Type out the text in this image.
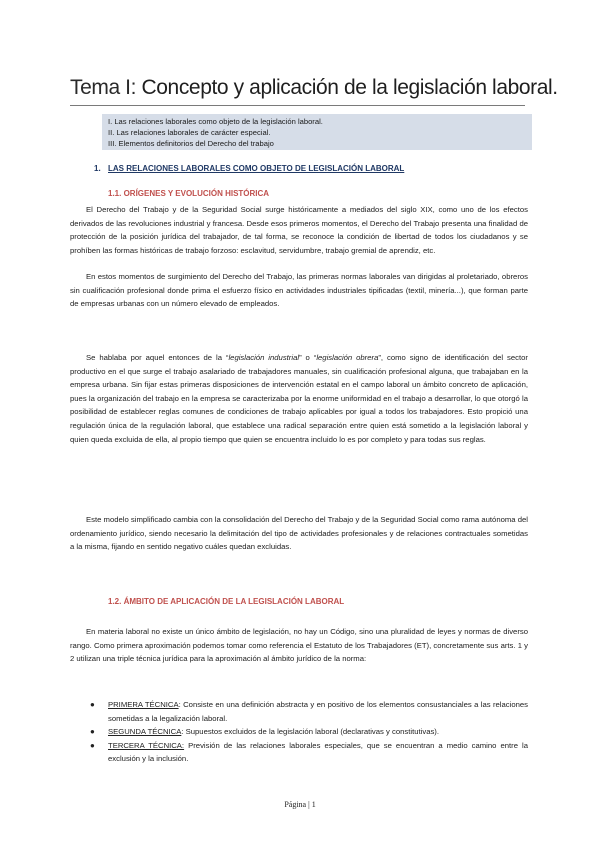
Tema I: Concepto y aplicación de la legislación laboral.
I. Las relaciones laborales como objeto de la legislación laboral.
II. Las relaciones laborales de carácter especial.
III. Elementos definitorios del Derecho del trabajo
1. LAS RELACIONES LABORALES COMO OBJETO DE LEGISLACIÓN LABORAL
1.1. ORÍGENES Y EVOLUCIÓN HISTÓRICA

El Derecho del Trabajo y de la Seguridad Social surge históricamente a mediados del siglo XIX, como uno de los efectos derivados de las revoluciones industrial y francesa. Desde esos primeros momentos, el Derecho del Trabajo presenta una finalidad de protección de la posición jurídica del trabajador, de tal forma, se reconoce la condición de libertad de todos los ciudadanos y se prohíben las formas históricas de trabajo forzoso: esclavitud, servidumbre, trabajo gremial de aprendiz, etc.

En estos momentos de surgimiento del Derecho del Trabajo, las primeras normas laborales van dirigidas al proletariado, obreros sin cualificación profesional donde prima el esfuerzo físico en actividades industriales tipificadas (textil, minería...), que forman parte de empresas urbanas con un número elevado de empleados.

Se hablaba por aquel entonces de la “legislación industrial” o “legislación obrera”, como signo de identificación del sector productivo en el que surge el trabajo asalariado de trabajadores manuales, sin cualificación profesional alguna, que trabajaban en la empresa urbana. Sin fijar estas primeras disposiciones de intervención estatal en el campo laboral un ámbito concreto de aplicación, pues la organización del trabajo en la empresa se caracterizaba por la enorme uniformidad en el trabajo a desarrollar, lo que otorgó la posibilidad de establecer reglas comunes de condiciones de trabajo aplicables por igual a todos los trabajadores. Esto propició una regulación única de la regulación laboral, que establece una radical separación entre quien está sometido a la legislación laboral y quien queda excluida de ella, al propio tiempo que quien se encuentra incluido lo es por completo y para todas sus reglas.

Este modelo simplificado cambia con la consolidación del Derecho del Trabajo y de la Seguridad Social como rama autónoma del ordenamiento jurídico, siendo necesario la delimitación del tipo de actividades profesionales y de relaciones contractuales sometidas a la misma, fijando en sentido negativo cuáles quedan excluidas.

1.2. ÁMBITO DE APLICACIÓN DE LA LEGISLACIÓN LABORAL

En materia laboral no existe un único ámbito de legislación, no hay un Código, sino una pluralidad de leyes y normas de diverso rango. Como primera aproximación podemos tomar como referencia el Estatuto de los Trabajadores (ET), concretamente sus arts. 1 y 2 utilizan una triple técnica jurídica para la aproximación al ámbito jurídico de la norma:

● PRIMERA TÉCNICA: Consiste en una definición abstracta y en positivo de los elementos consustanciales a las relaciones sometidas a la legalización laboral.
● SEGUNDA TÉCNICA: Supuestos excluidos de la legislación laboral (declarativas y constitutivas).
● TERCERA TÉCNICA: Previsión de las relaciones laborales especiales, que se encuentran a medio camino entre la exclusión y la inclusión.
Página | 1
